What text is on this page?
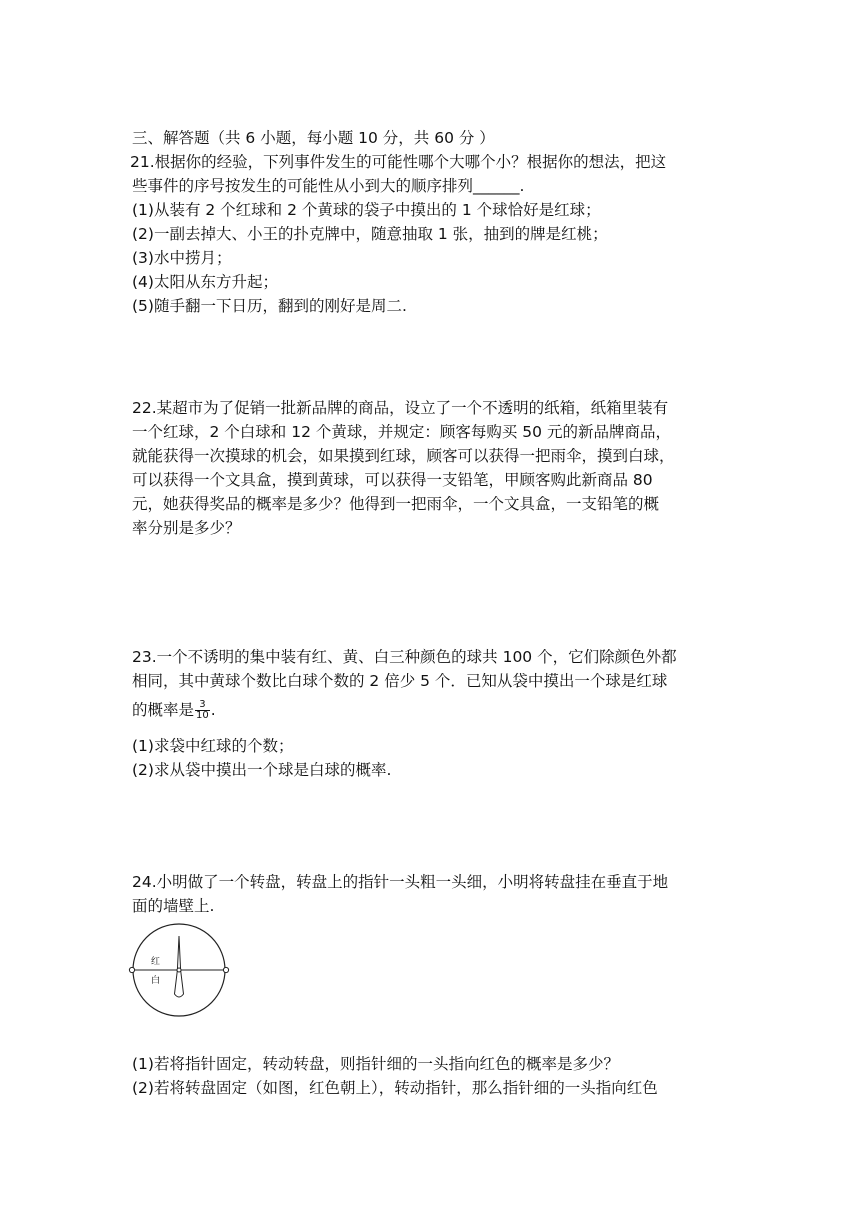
三、解答题（共 6 小题，每小题 10 分，共 60 分 ）
21.根据你的经验，下列事件发生的可能性哪个大哪个小？根据你的想法，把这
些事件的序号按发生的可能性从小到大的顺序排列______.
(1)从装有 2 个红球和 2 个黄球的袋子中摸出的 1 个球恰好是红球；
(2)一副去掉大、小王的扑克牌中，随意抽取 1 张，抽到的牌是红桃；
(3)水中捞月；
(4)太阳从东方升起；
(5)随手翻一下日历，翻到的刚好是周二.
22.某超市为了促销一批新品牌的商品，设立了一个不透明的纸箱，纸箱里装有
一个红球，2 个白球和 12 个黄球，并规定：顾客每购买 50 元的新品牌商品，
就能获得一次摸球的机会，如果摸到红球，顾客可以获得一把雨伞，摸到白球，
可以获得一个文具盒，摸到黄球，可以获得一支铅笔，甲顾客购此新商品 80
元，她获得奖品的概率是多少？他得到一把雨伞，一个文具盒，一支铅笔的概
率分别是多少？
23.一个不诱明的集中装有红、黄、白三种颜色的球共 100 个，它们除颜色外都
相同，其中黄球个数比白球个数的 2 倍少 5 个．已知从袋中摸出一个球是红球
的概率是 $\frac{3}{10}$ .
(1)求袋中红球的个数；
(2)求从袋中摸出一个球是白球的概率.
24.小明做了一个转盘，转盘上的指针一头粗一头细，小明将转盘挂在垂直于地
面的墙壁上.
红
白
(1)若将指针固定，转动转盘，则指针细的一头指向红色的概率是多少？
(2)若将转盘固定（如图，红色朝上），转动指针，那么指针细的一头指向红色
